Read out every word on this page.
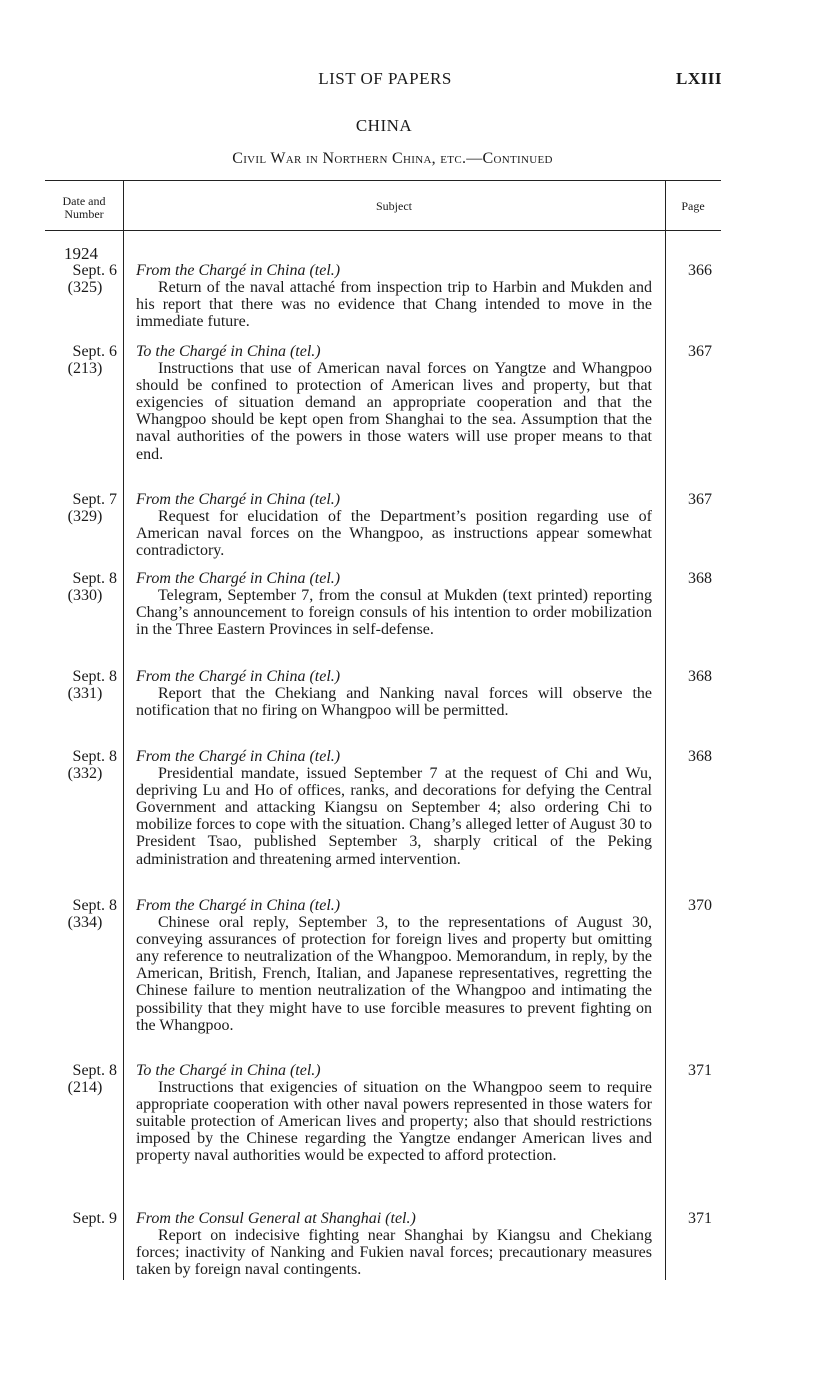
LIST OF PAPERS	LXIII
CHINA
Civil War in Northern China, etc.—Continued
Date and
Number
Subject	Page
1924
Sept. 6
(325)
From the Chargé in China (tel.)
Return of the naval attaché from inspection trip to Harbin and Mukden and his report that there was no evidence that Chang intended to move in the immediate future.
366
Sept. 6
(213)
To the Chargé in China (tel.)
Instructions that use of American naval forces on Yangtze and Whangpoo should be confined to protection of American lives and property, but that exigencies of situation demand an appropriate cooperation and that the Whangpoo should be kept open from Shanghai to the sea. Assumption that the naval authorities of the powers in those waters will use proper means to that end.
367
Sept. 7
(329)
From the Chargé in China (tel.)
Request for elucidation of the Department’s position regarding use of American naval forces on the Whangpoo, as instructions appear somewhat contradictory.
367
Sept. 8
(330)
From the Chargé in China (tel.)
Telegram, September 7, from the consul at Mukden (text printed) reporting Chang’s announcement to foreign consuls of his intention to order mobilization in the Three Eastern Provinces in self-defense.
368
Sept. 8
(331)
From the Chargé in China (tel.)
Report that the Chekiang and Nanking naval forces will observe the notification that no firing on Whangpoo will be permitted.
368
Sept. 8
(332)
From the Chargé in China (tel.)
Presidential mandate, issued September 7 at the request of Chi and Wu, depriving Lu and Ho of offices, ranks, and decorations for defying the Central Government and attacking Kiangsu on September 4; also ordering Chi to mobilize forces to cope with the situation. Chang’s alleged letter of August 30 to President Tsao, published September 3, sharply critical of the Peking administration and threatening armed intervention.
368
Sept. 8
(334)
From the Chargé in China (tel.)
Chinese oral reply, September 3, to the representations of August 30, conveying assurances of protection for foreign lives and property but omitting any reference to neutralization of the Whangpoo. Memorandum, in reply, by the American, British, French, Italian, and Japanese representatives, regretting the Chinese failure to mention neutralization of the Whangpoo and intimating the possibility that they might have to use forcible measures to prevent fighting on the Whangpoo.
370
Sept. 8
(214)
To the Chargé in China (tel.)
Instructions that exigencies of situation on the Whangpoo seem to require appropriate cooperation with other naval powers represented in those waters for suitable protection of American lives and property; also that should restrictions imposed by the Chinese regarding the Yangtze endanger American lives and property naval authorities would be expected to afford protection.
371
Sept. 9 From the Consul General at Shanghai (tel.)
Report on indecisive fighting near Shanghai by Kiangsu and Chekiang forces; inactivity of Nanking and Fukien naval forces; precautionary measures taken by foreign naval contingents.
371
